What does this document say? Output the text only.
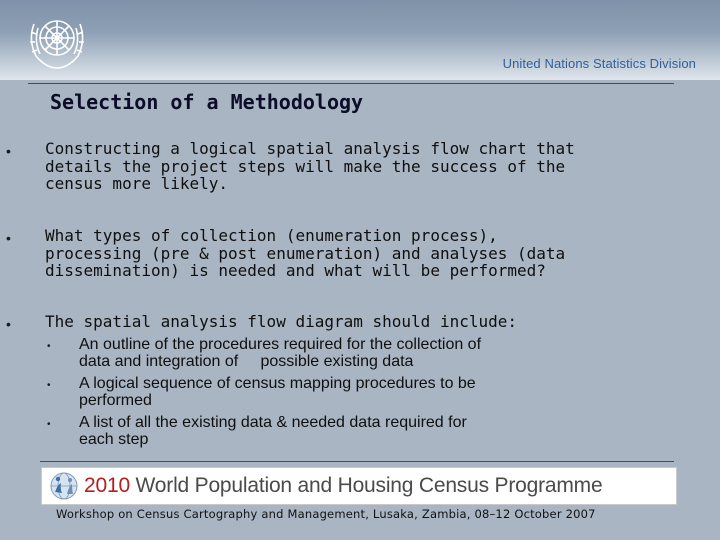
United Nations Statistics Division
Selection of a Methodology
• Constructing a logical spatial analysis flow chart that
details the project steps will make the success of the
census more likely.
• What types of collection (enumeration process),
processing (pre & post enumeration) and analyses (data
dissemination) is needed and what will be performed?
• The spatial analysis flow diagram should include:
• An outline of the procedures required for the collection of
data and integration of     possible existing data
• A logical sequence of census mapping procedures to be
performed
• A list of all the existing data & needed data required for
each step
2010 World Population and Housing Census Programme
Workshop on Census Cartography and Management, Lusaka, Zambia, 08–12 October 2007
